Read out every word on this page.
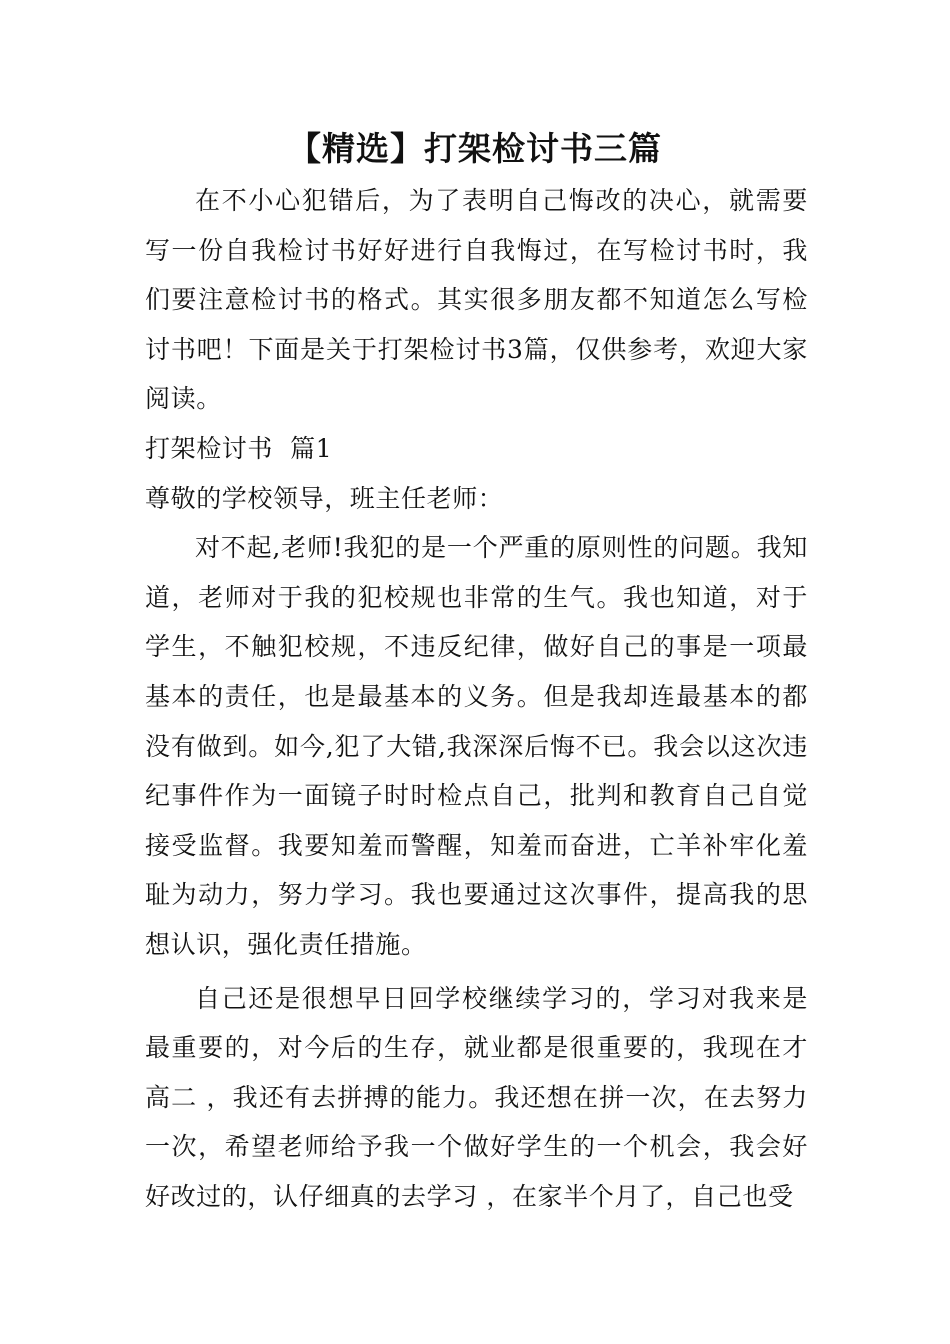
【精选】打架检讨书三篇

在不小心犯错后，为了表明自己悔改的决心，就需要写一份自我检讨书好好进行自我悔过，在写检讨书时，我们要注意检讨书的格式。其实很多朋友都不知道怎么写检讨书吧！下面是关于打架检讨书3篇，仅供参考，欢迎大家阅读。

打架检讨书  篇1

尊敬的学校领导，班主任老师：

对不起,老师!我犯的是一个严重的原则性的问题。我知道，老师对于我的犯校规也非常的生气。我也知道，对于学生，不触犯校规，不违反纪律，做好自己的事是一项最基本的责任，也是最基本的义务。但是我却连最基本的都没有做到。如今,犯了大错,我深深后悔不已。我会以这次违纪事件作为一面镜子时时检点自己，批判和教育自己自觉接受监督。我要知羞而警醒，知羞而奋进，亡羊补牢化羞耻为动力，努力学习。我也要通过这次事件，提高我的思想认识，强化责任措施。

自己还是很想早日回学校继续学习的，学习对我来是最重要的，对今后的生存，就业都是很重要的，我现在才高二 ，我还有去拼搏的能力。我还想在拼一次，在去努力一次，希望老师给予我一个做好学生的一个机会，我会好好改过的，认仔细真的去学习 ，在家半个月了，自己也受
